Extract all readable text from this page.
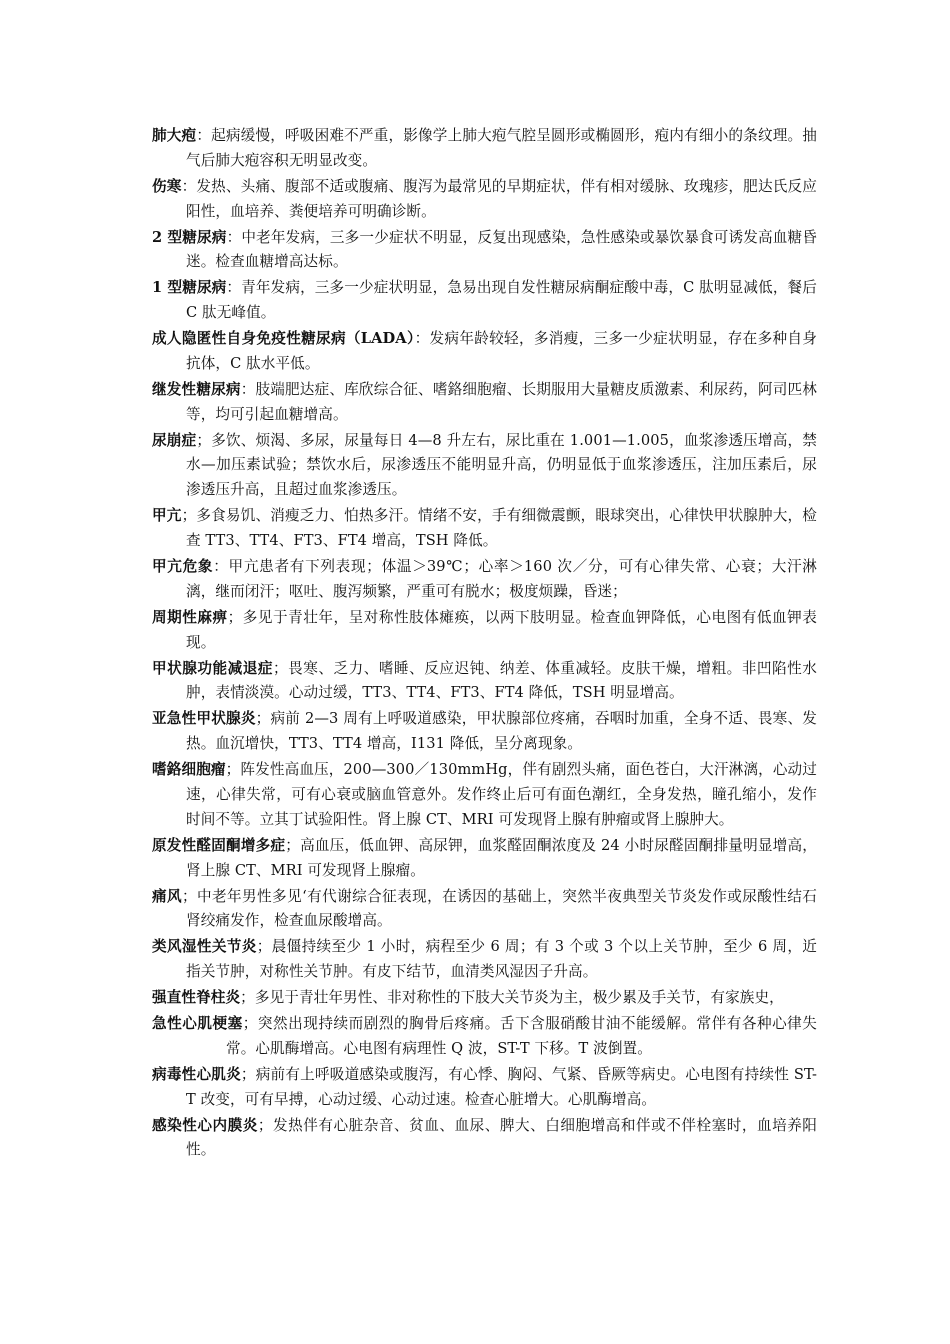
肺大疱：起病缓慢，呼吸困难不严重，影像学上肺大疱气腔呈圆形或椭圆形，疱内有细小的条纹理。抽气后肺大疱容积无明显改变。

伤寒：发热、头痛、腹部不适或腹痛、腹泻为最常见的早期症状，伴有相对缓脉、玫瑰疹，肥达氏反应阳性，血培养、粪便培养可明确诊断。

2 型糖尿病：中老年发病，三多一少症状不明显，反复出现感染，急性感染或暴饮暴食可诱发高血糖昏迷。检查血糖增高达标。

1 型糖尿病：青年发病，三多一少症状明显，急易出现自发性糖尿病酮症酸中毒，C 肽明显减低，餐后 C 肽无峰值。

成人隐匿性自身免疫性糖尿病（LADA）：发病年龄较轻，多消瘦，三多一少症状明显，存在多种自身抗体，C 肽水平低。

继发性糖尿病：肢端肥达症、库欣综合征、嗜鉻细胞瘤、长期服用大量糖皮质激素、利尿药，阿司匹林等，均可引起血糖增高。

尿崩症；多饮、烦渴、多尿，尿量每日 4—8 升左右，尿比重在 1.001—1.005，血浆渗透压增高，禁水—加压素试验；禁饮水后，尿渗透压不能明显升高，仍明显低于血浆渗透压，注加压素后，尿渗透压升高，且超过血浆渗透压。

甲亢；多食易饥、消瘦乏力、怕热多汗。情绪不安，手有细微震颤，眼球突出，心律快甲状腺肿大，检查 TT3、TT4、FT3、FT4 增高，TSH 降低。

甲亢危象：甲亢患者有下列表现；体温＞39℃；心率＞160 次／分，可有心律失常、心衰；大汗淋漓，继而闭汗；呕吐、腹泻频繁，严重可有脱水；极度烦躁，昏迷；

周期性麻痹；多见于青壮年，呈对称性肢体瘫痪，以两下肢明显。检查血钾降低，心电图有低血钾表现。

甲状腺功能减退症；畏寒、乏力、嗜睡、反应迟钝、纳差、体重减轻。皮肤干燥，增粗。非凹陷性水肿，表情淡漠。心动过缓，TT3、TT4、FT3、FT4 降低，TSH 明显增高。

亚急性甲状腺炎；病前 2—3 周有上呼吸道感染，甲状腺部位疼痛，吞咽时加重，全身不适、畏寒、发热。血沉增快，TT3、TT4 增高，I131 降低，呈分离现象。

嗜鉻细胞瘤；阵发性高血压，200—300／130mmHg，伴有剧烈头痛，面色苍白，大汗淋漓，心动过速，心律失常，可有心衰或脑血管意外。发作终止后可有面色潮红，全身发热，瞳孔缩小，发作时间不等。立其丁试验阳性。肾上腺 CT、MRI 可发现肾上腺有肿瘤或肾上腺肿大。

原发性醛固酮增多症；高血压，低血钾、高尿钾，血浆醛固酮浓度及 24 小时尿醛固酮排量明显增高，肾上腺 CT、MRI 可发现肾上腺瘤。

痛风；中老年男性多见‘有代谢综合征表现，在诱因的基础上，突然半夜典型关节炎发作或尿酸性结石肾绞痛发作，检查血尿酸增高。

类风湿性关节炎；晨僵持续至少 1 小时，病程至少 6 周；有 3 个或 3 个以上关节肿，至少 6 周，近指关节肿，对称性关节肿。有皮下结节，血清类风湿因子升高。

强直性脊柱炎；多见于青壮年男性、非对称性的下肢大关节炎为主，极少累及手关节，有家族史，

急性心肌梗塞；突然出现持续而剧烈的胸骨后疼痛。舌下含服硝酸甘油不能缓解。常伴有各种心律失常。心肌酶增高。心电图有病理性 Q 波，ST-T 下移。T 波倒置。

病毒性心肌炎；病前有上呼吸道感染或腹泻，有心悸、胸闷、气紧、昏厥等病史。心电图有持续性 ST-T 改变，可有早搏，心动过缓、心动过速。检查心脏增大。心肌酶增高。

感染性心内膜炎；发热伴有心脏杂音、贫血、血尿、脾大、白细胞增高和伴或不伴栓塞时，血培养阳性。
